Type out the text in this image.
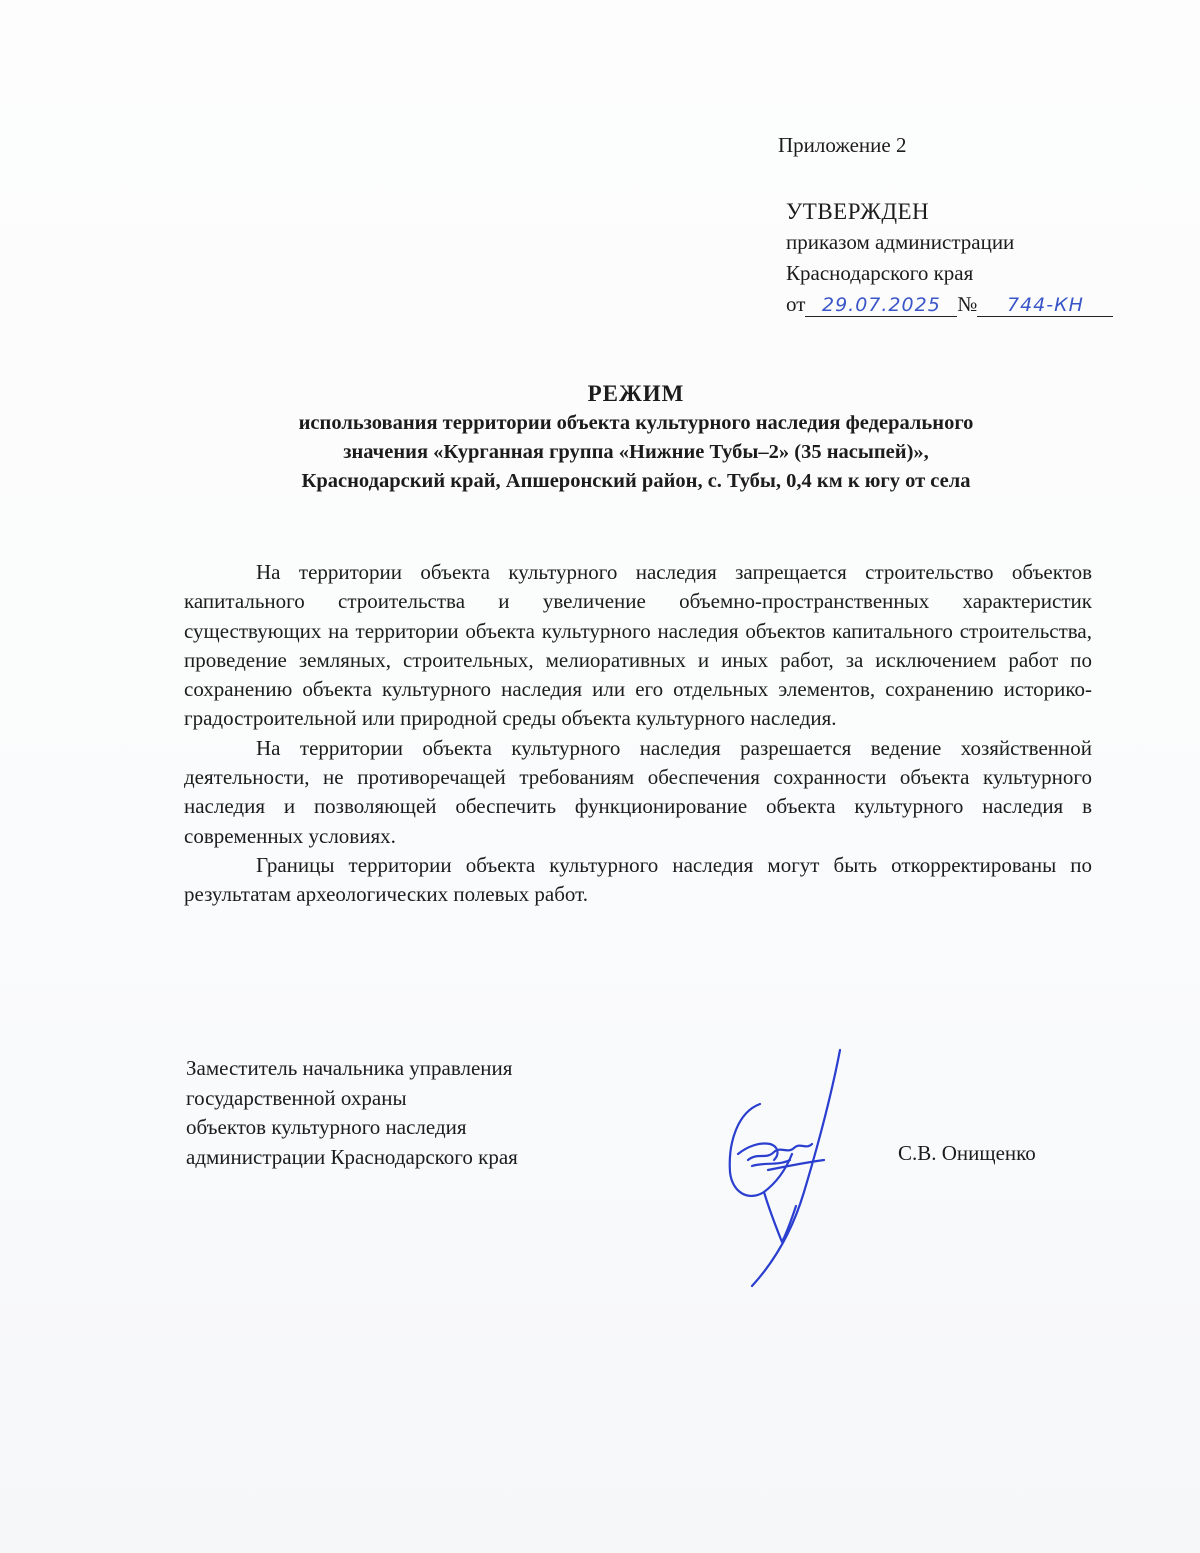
Приложение 2
УТВЕРЖДЕН
приказом администрации
Краснодарского края
от 29.07.2025 № 744-КН
РЕЖИМ
использования территории объекта культурного наследия федерального
значения «Курганная группа «Нижние Тубы–2» (35 насыпей)»,
Краснодарский край, Апшеронский район, с. Тубы, 0,4 км к югу от села

На территории объекта культурного наследия запрещается строительство объектов капитального строительства и увеличение объемно-пространственных характеристик существующих на территории объекта культурного наследия объектов капитального строительства, проведение земляных, строительных, мелиоративных и иных работ, за исключением работ по сохранению объекта культурного наследия или его отдельных элементов, сохранению историко-градостроительной или природной среды объекта культурного наследия.

На территории объекта культурного наследия разрешается ведение хозяйственной деятельности, не противоречащей требованиям обеспечения сохранности объекта культурного наследия и позволяющей обеспечить функционирование объекта культурного наследия в современных условиях.

Границы территории объекта культурного наследия могут быть откорректированы по результатам археологических полевых работ.

Заместитель начальника управления
государственной охраны
объектов культурного наследия
администрации Краснодарского края	С.В. Онищенко
